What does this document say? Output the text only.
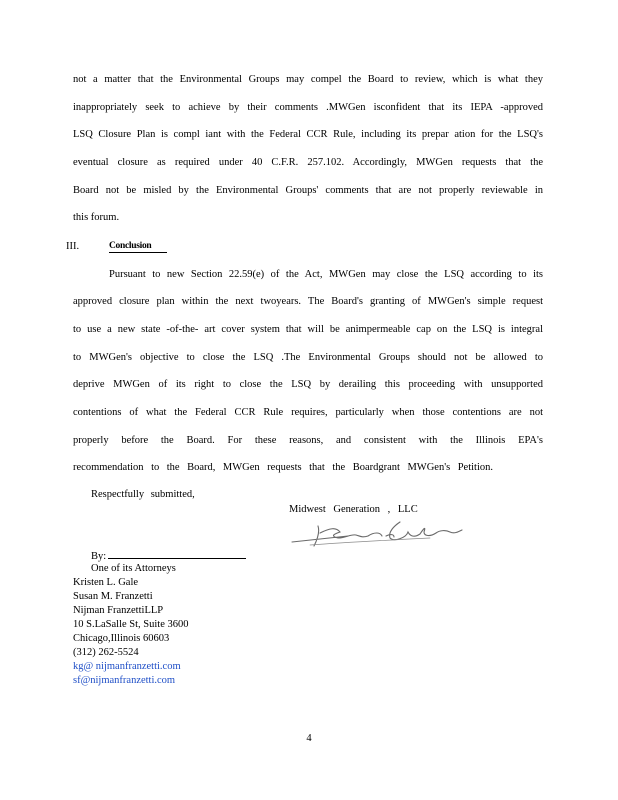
not a matter that the Environmental Groups may compel the Board to review, which is what they
inappropriately seek to achieve by their comments .MWGen isconfident that its IEPA -approved
LSQ Closure Plan is compl iant with the Federal CCR Rule, including its prepar ation for the LSQ's
eventual closure as required under 40 C.F.R. 257.102. Accordingly, MWGen requests that the
Board not be misled by the Environmental Groups' comments that are not properly reviewable in
this forum.
III.	Conclusion
Pursuant to new Section 22.59(e) of the Act, MWGen may close the LSQ according to its
approved closure plan within the next twoyears. The Board's granting of MWGen's simple request
to use a new state -of-the- art cover system that will be animpermeable cap on the LSQ is integral
to MWGen's objective to close the LSQ .The Environmental Groups should not be allowed to
deprive MWGen of its right to close the LSQ by derailing this proceeding with unsupported
contentions of what the Federal CCR Rule requires, particularly when those contentions are not
properly before the Board. For these reasons, and consistent with the Illinois EPA's
recommendation to the Board, MWGen requests that the Boardgrant MWGen's Petition.
Respectfully submitted,
Midwest Generation , LLC
By:
One of its Attorneys
Kristen L. Gale
Susan M. Franzetti
Nijman FranzettiLLP
10 S.LaSalle St, Suite 3600
Chicago,Illinois 60603
(312) 262-5524
kg@ nijmanfranzetti.com
sf@nijmanfranzetti.com
4
